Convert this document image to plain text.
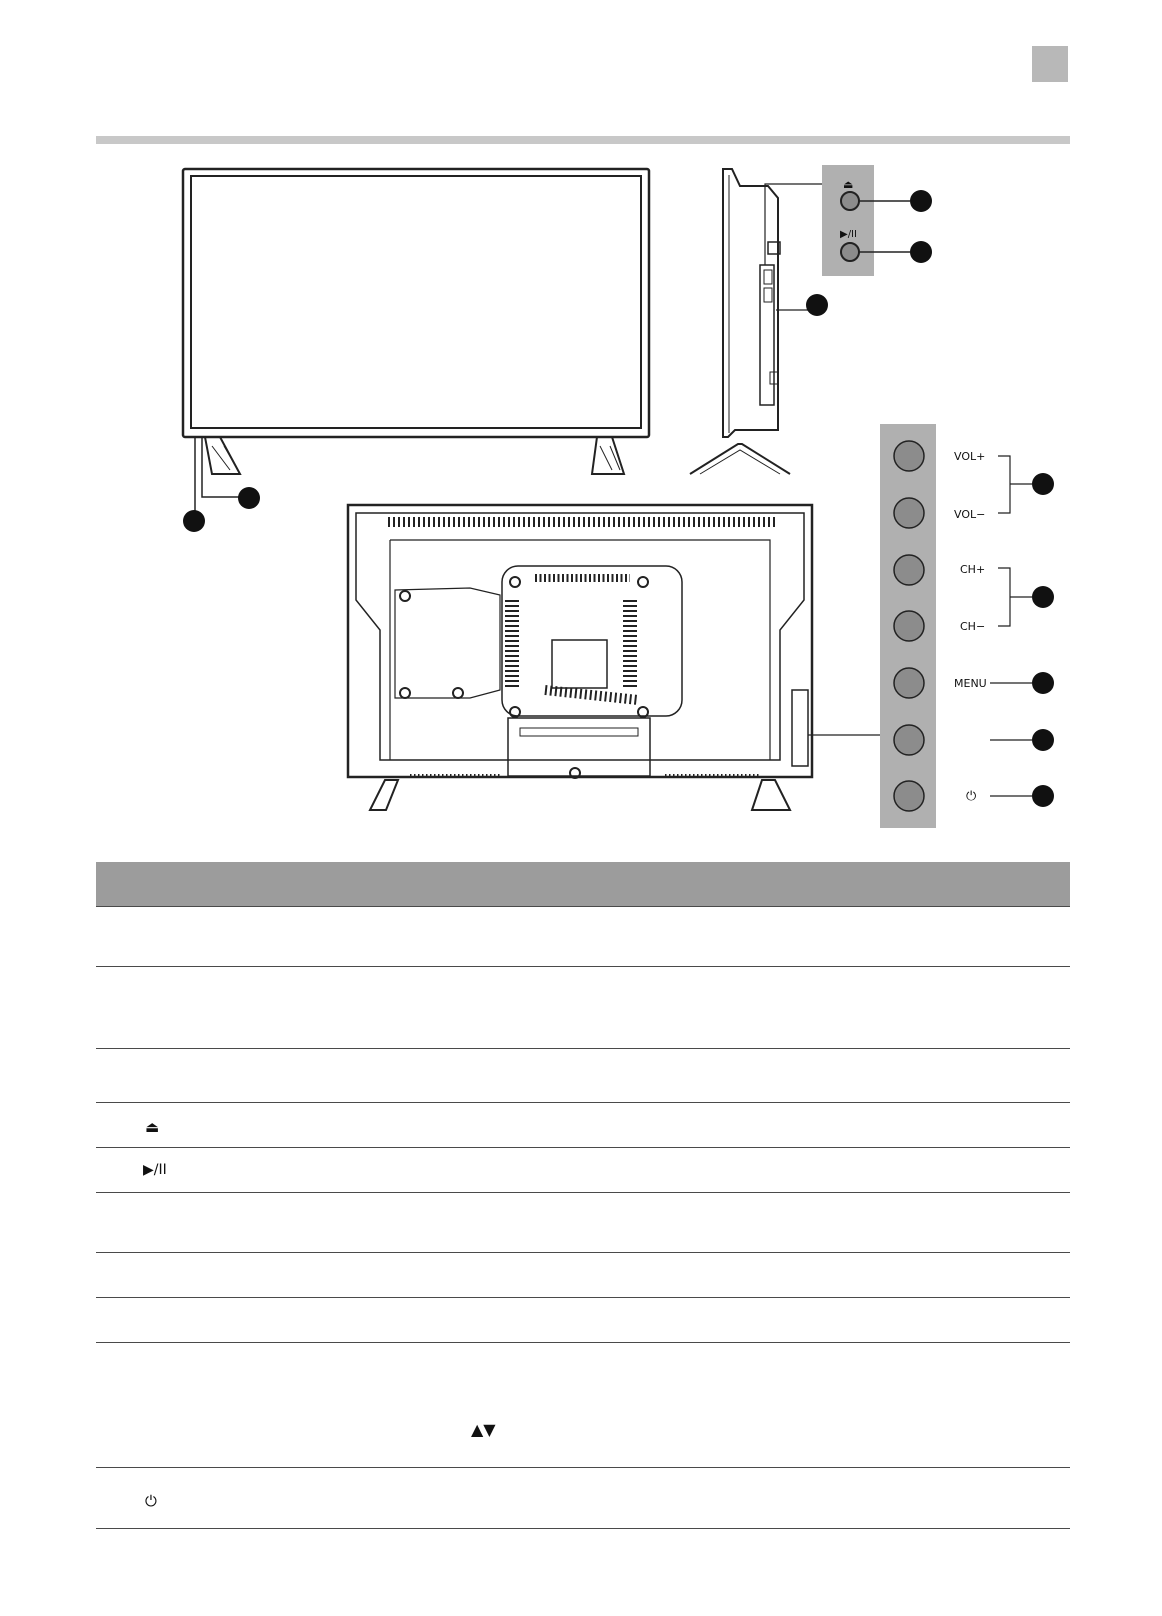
⏏
▶/II
VOL+
VOL−
CH+
CH−
MENU
⏻
⏏
▶/II
▲▼
⏻
